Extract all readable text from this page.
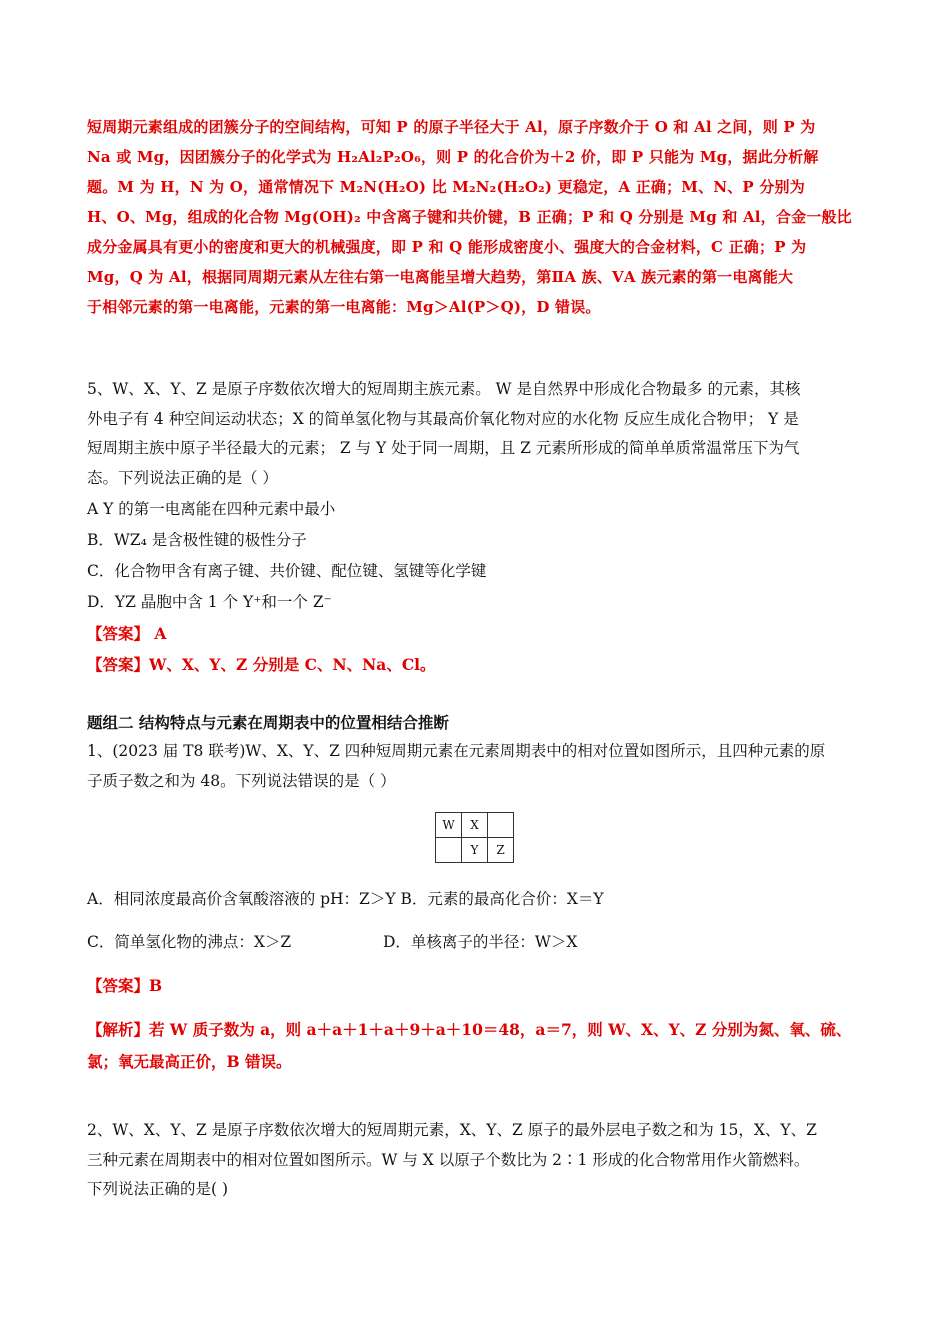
短周期元素组成的团簇分子的空间结构，可知 P 的原子半径大于 Al，原子序数介于 O 和 Al 之间，则 P 为
Na 或 Mg，因团簇分子的化学式为 H₂Al₂P₂O₆，则 P 的化合价为＋2 价，即 P 只能为 Mg，据此分析解
题。M 为 H，N 为 O，通常情况下 M₂N(H₂O) 比 M₂N₂(H₂O₂) 更稳定，A 正确；M、N、P 分别为
H、O、Mg，组成的化合物 Mg(OH)₂ 中含离子键和共价键，B 正确；P 和 Q 分别是 Mg 和 Al，合金一般比
成分金属具有更小的密度和更大的机械强度，即 P 和 Q 能形成密度小、强度大的合金材料，C 正确；P 为
Mg，Q 为 Al，根据同周期元素从左往右第一电离能呈增大趋势，第ⅡA 族、ⅤA 族元素的第一电离能大
于相邻元素的第一电离能，元素的第一电离能：Mg＞Al(P＞Q)，D 错误。
5、W、X、Y、Z 是原子序数依次增大的短周期主族元素。 W 是自然界中形成化合物最多 的元素，其核
外电子有 4 种空间运动状态；X 的简单氢化物与其最高价氧化物对应的水化物 反应生成化合物甲； Y 是
短周期主族中原子半径最大的元素； Z 与 Y 处于同一周期，且 Z 元素所形成的简单单质常温常压下为气
态。下列说法正确的是（ ）
A Y 的第一电离能在四种元素中最小
B．WZ₄ 是含极性键的极性分子
C．化合物甲含有离子键、共价键、配位键、氢键等化学键
D．YZ 晶胞中含 1 个 Y⁺和一个 Z⁻
【答案】 A
【答案】W、X、Y、Z 分别是 C、N、Na、Cl。
题组二 结构特点与元素在周期表中的位置相结合推断
1、(2023 届 T8 联考)W、X、Y、Z 四种短周期元素在元素周期表中的相对位置如图所示，且四种元素的原
子质子数之和为 48。下列说法错误的是（ ）
W	X	
	Y	Z
A．相同浓度最高价含氧酸溶液的 pH：Z＞Y B．元素的最高化合价：X＝Y
C．简单氢化物的沸点：X＞Z	D．单核离子的半径：W＞X
【答案】B
【解析】若 W 质子数为 a，则 a＋a＋1＋a＋9＋a＋10＝48，a＝7，则 W、X、Y、Z 分别为氮、氧、硫、
氯；氧无最高正价，B 错误。
2、W、X、Y、Z 是原子序数依次增大的短周期元素，X、Y、Z 原子的最外层电子数之和为 15，X、Y、Z
三种元素在周期表中的相对位置如图所示。W 与 X 以原子个数比为 2∶1 形成的化合物常用作火箭燃料。
下列说法正确的是( )
